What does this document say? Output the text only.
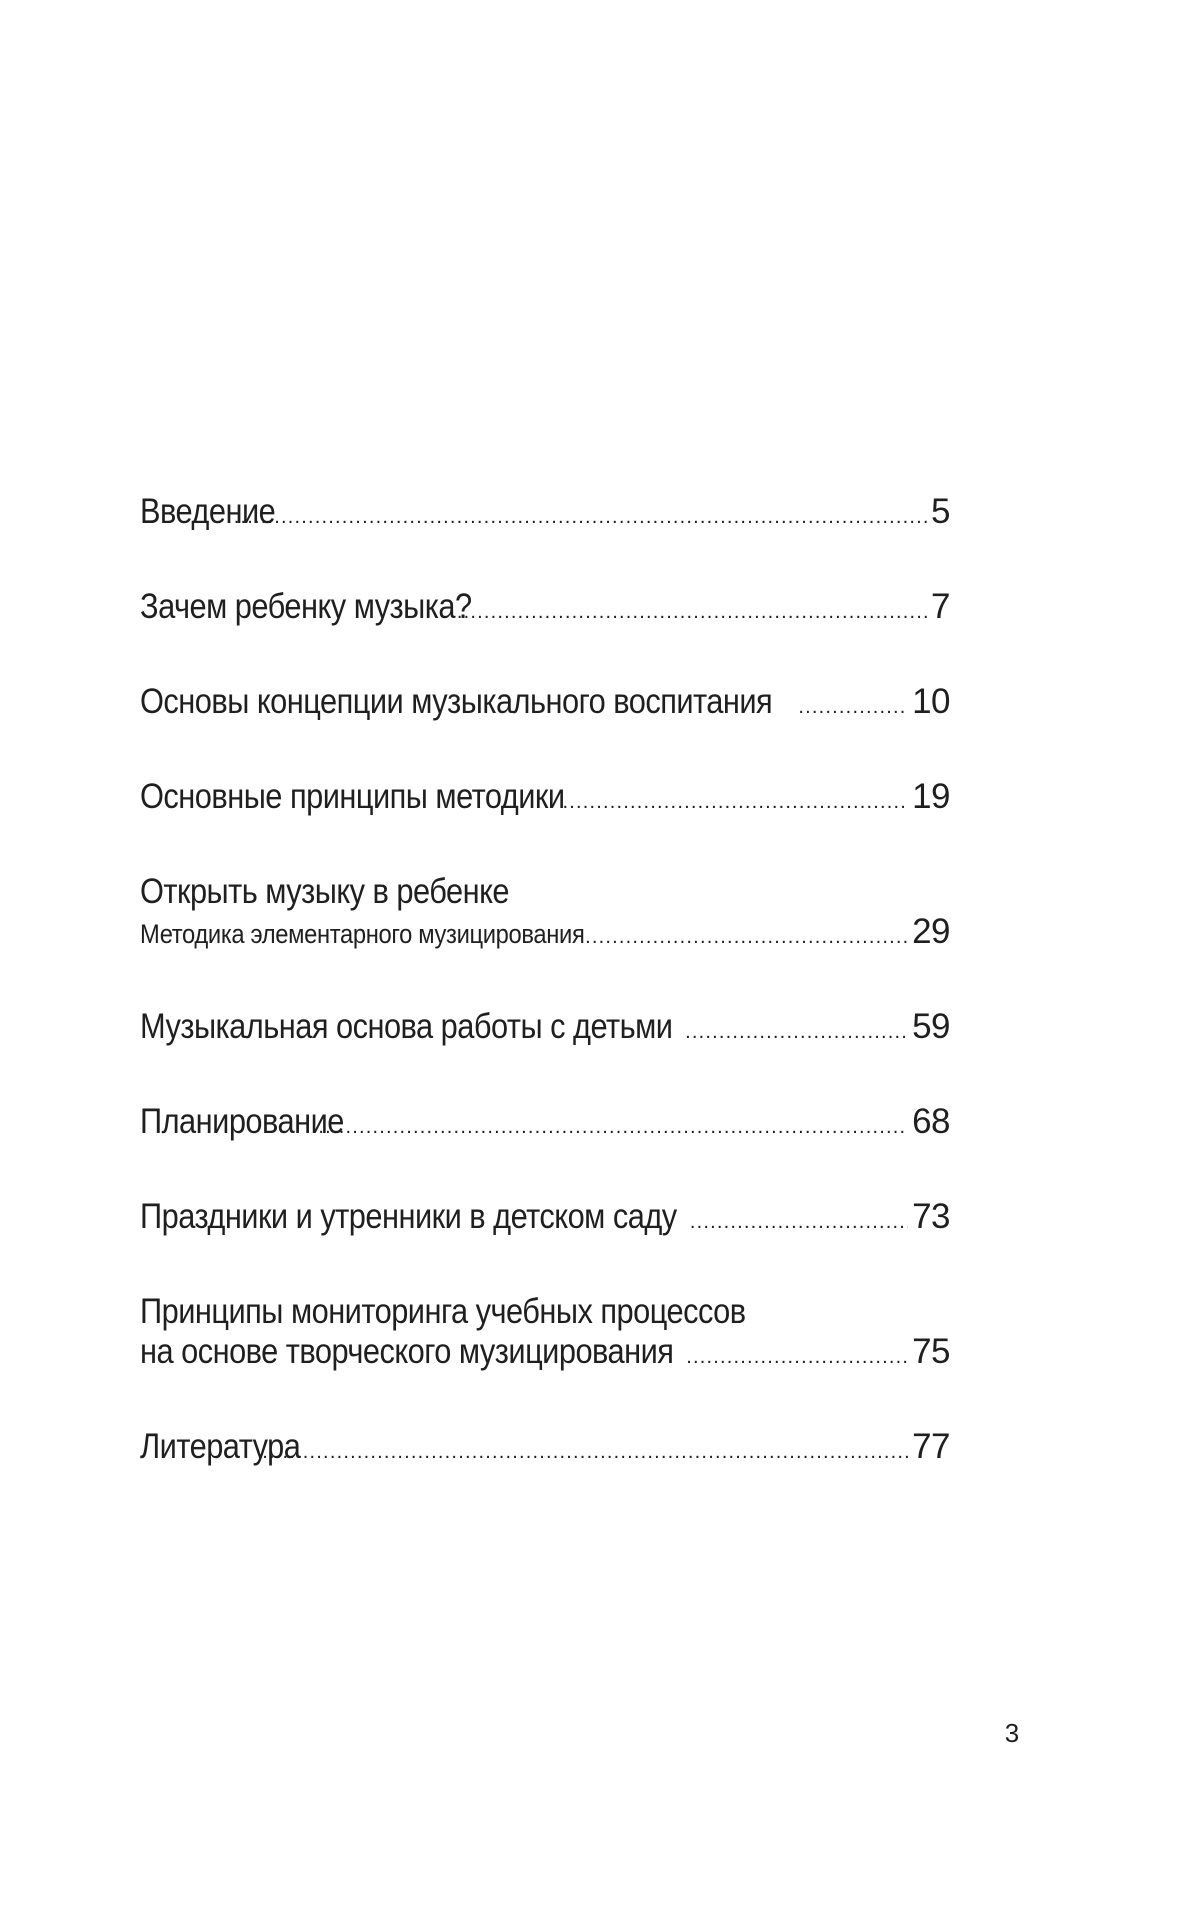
Введение .....	5
Зачем ребенку музыка? .....	7
Основы концепции музыкального воспитания .....	10
Основные принципы методики .....	19
Открыть музыку в ребенке
Методика элементарного музицирования .....	29
Музыкальная основа работы с детьми .....	59
Планирование .....	68
Праздники и утренники в детском саду .....	73
Принципы мониторинга учебных процессов
на основе творческого музицирования .....	75
Литература .....	77
3
